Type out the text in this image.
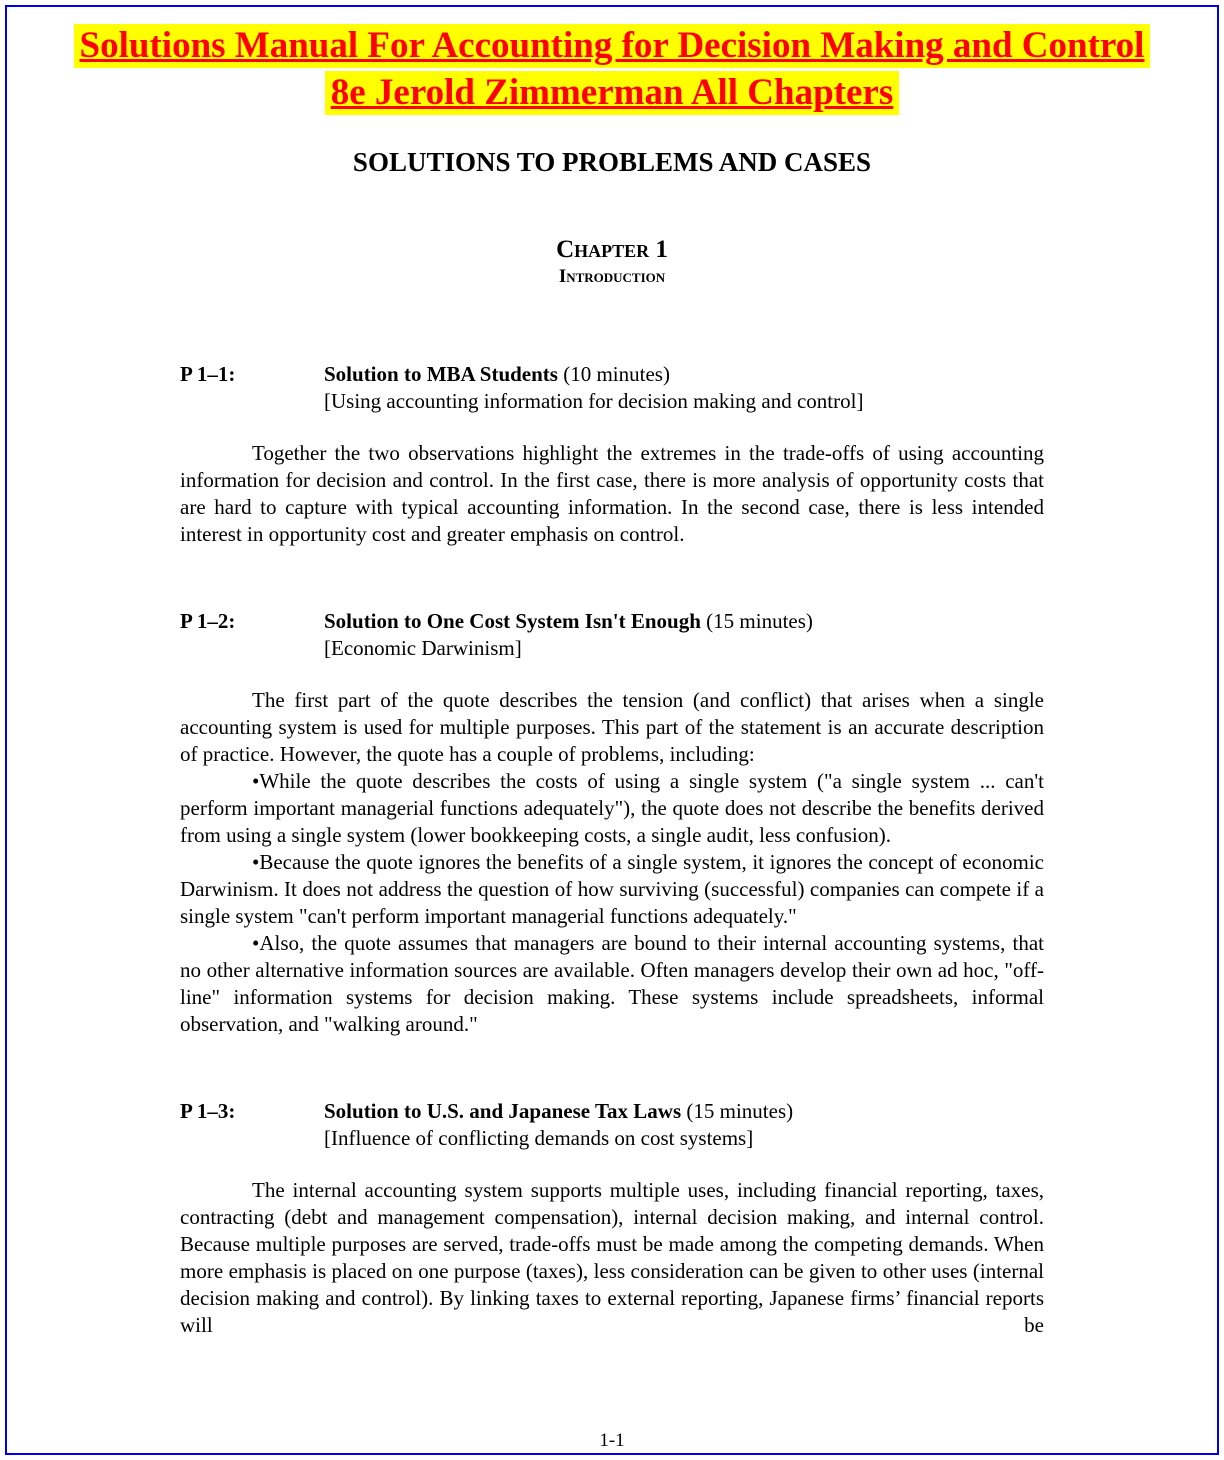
Solutions Manual For Accounting for Decision Making and Control
8e Jerold Zimmerman All Chapters
SOLUTIONS TO PROBLEMS AND CASES
Chapter 1
Introduction
P 1–1:	Solution to MBA Students (10 minutes)
[Using accounting information for decision making and control]

Together the two observations highlight the extremes in the trade-offs of using accounting information for decision and control. In the first case, there is more analysis of opportunity costs that are hard to capture with typical accounting information. In the second case, there is less intended interest in opportunity cost and greater emphasis on control.

P 1–2:	Solution to One Cost System Isn't Enough (15 minutes)
[Economic Darwinism]

The first part of the quote describes the tension (and conflict) that arises when a single accounting system is used for multiple purposes. This part of the statement is an accurate description of practice. However, the quote has a couple of problems, including:

•While the quote describes the costs of using a single system ("a single system ... can't perform important managerial functions adequately"), the quote does not describe the benefits derived from using a single system (lower bookkeeping costs, a single audit, less confusion).

•Because the quote ignores the benefits of a single system, it ignores the concept of economic Darwinism. It does not address the question of how surviving (successful) companies can compete if a single system "can't perform important managerial functions adequately."

•Also, the quote assumes that managers are bound to their internal accounting systems, that no other alternative information sources are available. Often managers develop their own ad hoc, "off-line" information systems for decision making. These systems include spreadsheets, informal observation, and "walking around."

P 1–3:	Solution to U.S. and Japanese Tax Laws (15 minutes)
[Influence of conflicting demands on cost systems]

The internal accounting system supports multiple uses, including financial reporting, taxes, contracting (debt and management compensation), internal decision making, and internal control. Because multiple purposes are served, trade-offs must be made among the competing demands. When more emphasis is placed on one purpose (taxes), less consideration can be given to other uses (internal decision making and control). By linking taxes to external reporting, Japanese firms’ financial reports will be

1-1
